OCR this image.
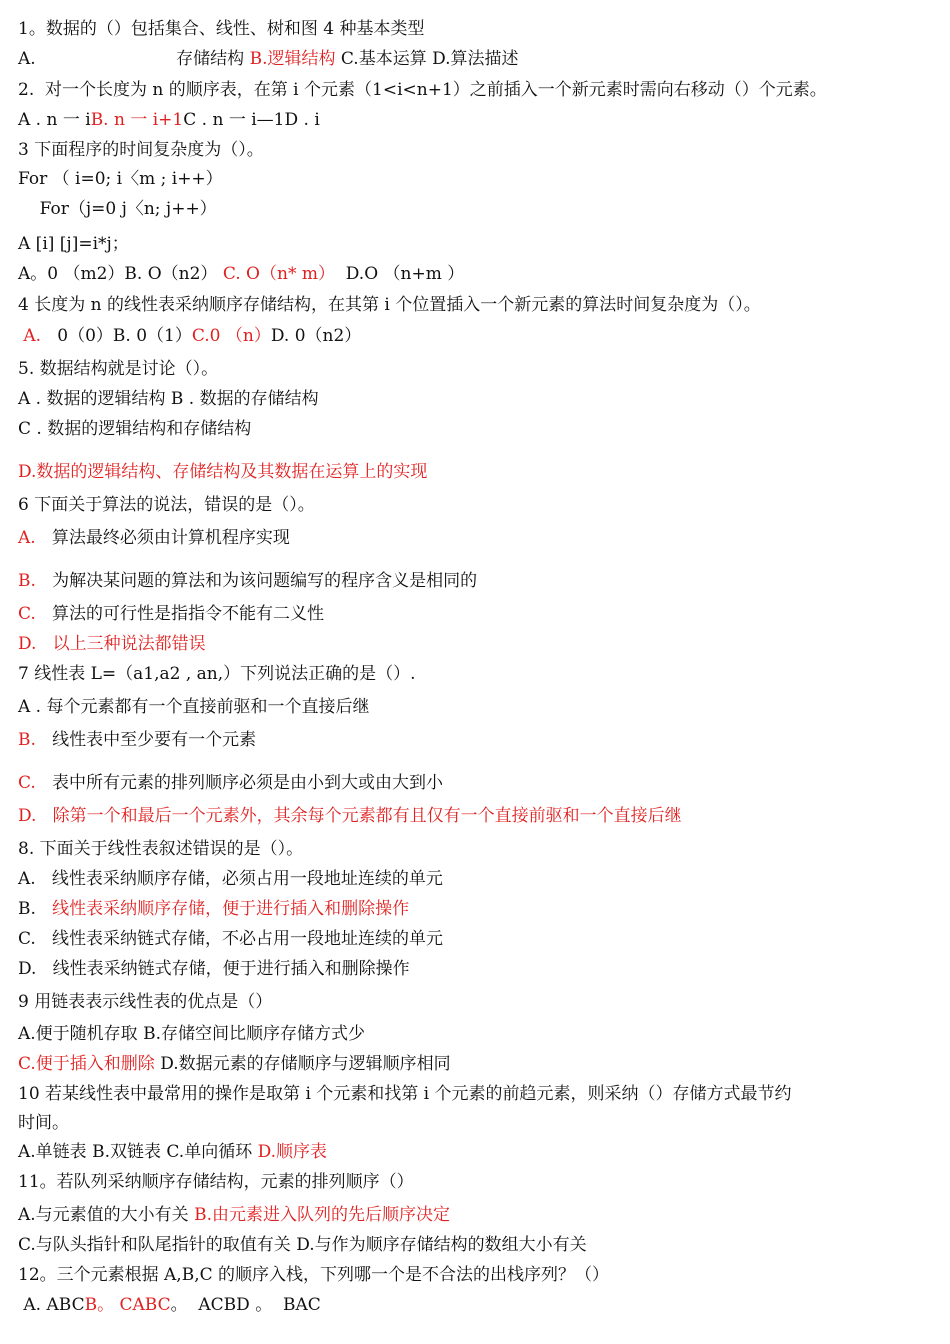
1。数据的（）包括集合、线性、树和图 4 种基本类型
A.                          存储结构 B.逻辑结构 C.基本运算 D.算法描述
2.  对一个长度为 n 的顺序表，在第 i 个元素（1<i<n+1）之前插入一个新元素时需向右移动（）个元素。
A . n 一 iB. n 一 i+1C . n 一 i—1D . i
3 下面程序的时间复杂度为（）。
For （ i=0; i〈m ; i++）
For（j=0 j〈n; j++）
A [i] [j]=i*j；
A。0 （m2）B. O（n2） C. O（n* m）  D.O （n+m ）
4 长度为 n 的线性表采纳顺序存储结构，在其第 i 个位置插入一个新元素的算法时间复杂度为（）。
A.   0（0）B. 0（1）C.0 （n）D. 0（n2）
5. 数据结构就是讨论（）。
A . 数据的逻辑结构 B . 数据的存储结构
C . 数据的逻辑结构和存储结构
D.数据的逻辑结构、存储结构及其数据在运算上的实现
6 下面关于算法的说法，错误的是（）。
A.   算法最终必须由计算机程序实现
B.   为解决某问题的算法和为该问题编写的程序含义是相同的
C.   算法的可行性是指指令不能有二义性
D.   以上三种说法都错误
7 线性表 L=（a1,a2 , an,）下列说法正确的是（）.
A . 每个元素都有一个直接前驱和一个直接后继
B.   线性表中至少要有一个元素
C.   表中所有元素的排列顺序必须是由小到大或由大到小
D.   除第一个和最后一个元素外，其余每个元素都有且仅有一个直接前驱和一个直接后继
8. 下面关于线性表叙述错误的是（）。
A.   线性表采纳顺序存储，必须占用一段地址连续的单元
B.   线性表采纳顺序存储，便于进行插入和删除操作
C.   线性表采纳链式存储，不必占用一段地址连续的单元
D.   线性表采纳链式存储，便于进行插入和删除操作
9 用链表表示线性表的优点是（）
A.便于随机存取 B.存储空间比顺序存储方式少
C.便于插入和删除 D.数据元素的存储顺序与逻辑顺序相同
10 若某线性表中最常用的操作是取第 i 个元素和找第 i 个元素的前趋元素，则采纳（）存储方式最节约
时间。
A.单链表 B.双链表 C.单向循环 D.顺序表
11。若队列采纳顺序存储结构，元素的排列顺序（）
A.与元素值的大小有关 B.由元素进入队列的先后顺序决定
C.与队头指针和队尾指针的取值有关 D.与作为顺序存储结构的数组大小有关
12。三个元素根据 A,B,C 的顺序入栈，下列哪一个是不合法的出栈序列？（）
A. ABCB。 CABC。  ACBD 。  BAC
